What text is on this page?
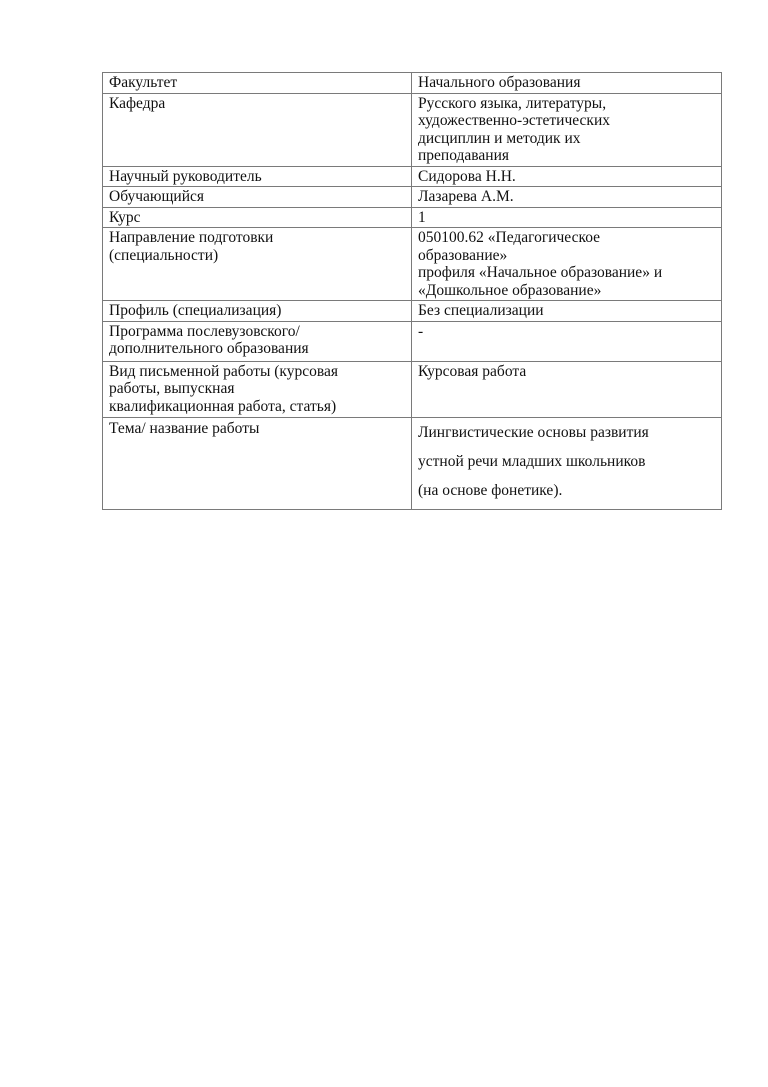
Факультет	Начального образования

Кафедра	Русского языка, литературы,
художественно-эстетических
дисциплин и методик их
преподавания

Научный руководитель	Сидорова Н.Н.

Обучающийся	Лазарева А.М.

Курс	1

Направление подготовки
(специальности)	050100.62 «Педагогическое
образование»
профиля «Начальное образование» и
«Дошкольное образование»

Профиль (специализация)	Без специализации

Программа послевузовского/
дополнительного образования	-

Вид письменной работы (курсовая
работы, выпускная
квалификационная работа, статья)	Курсовая работа

Тема/ название работы	Лингвистические основы развития
устной речи младших школьников
(на основе фонетике).
